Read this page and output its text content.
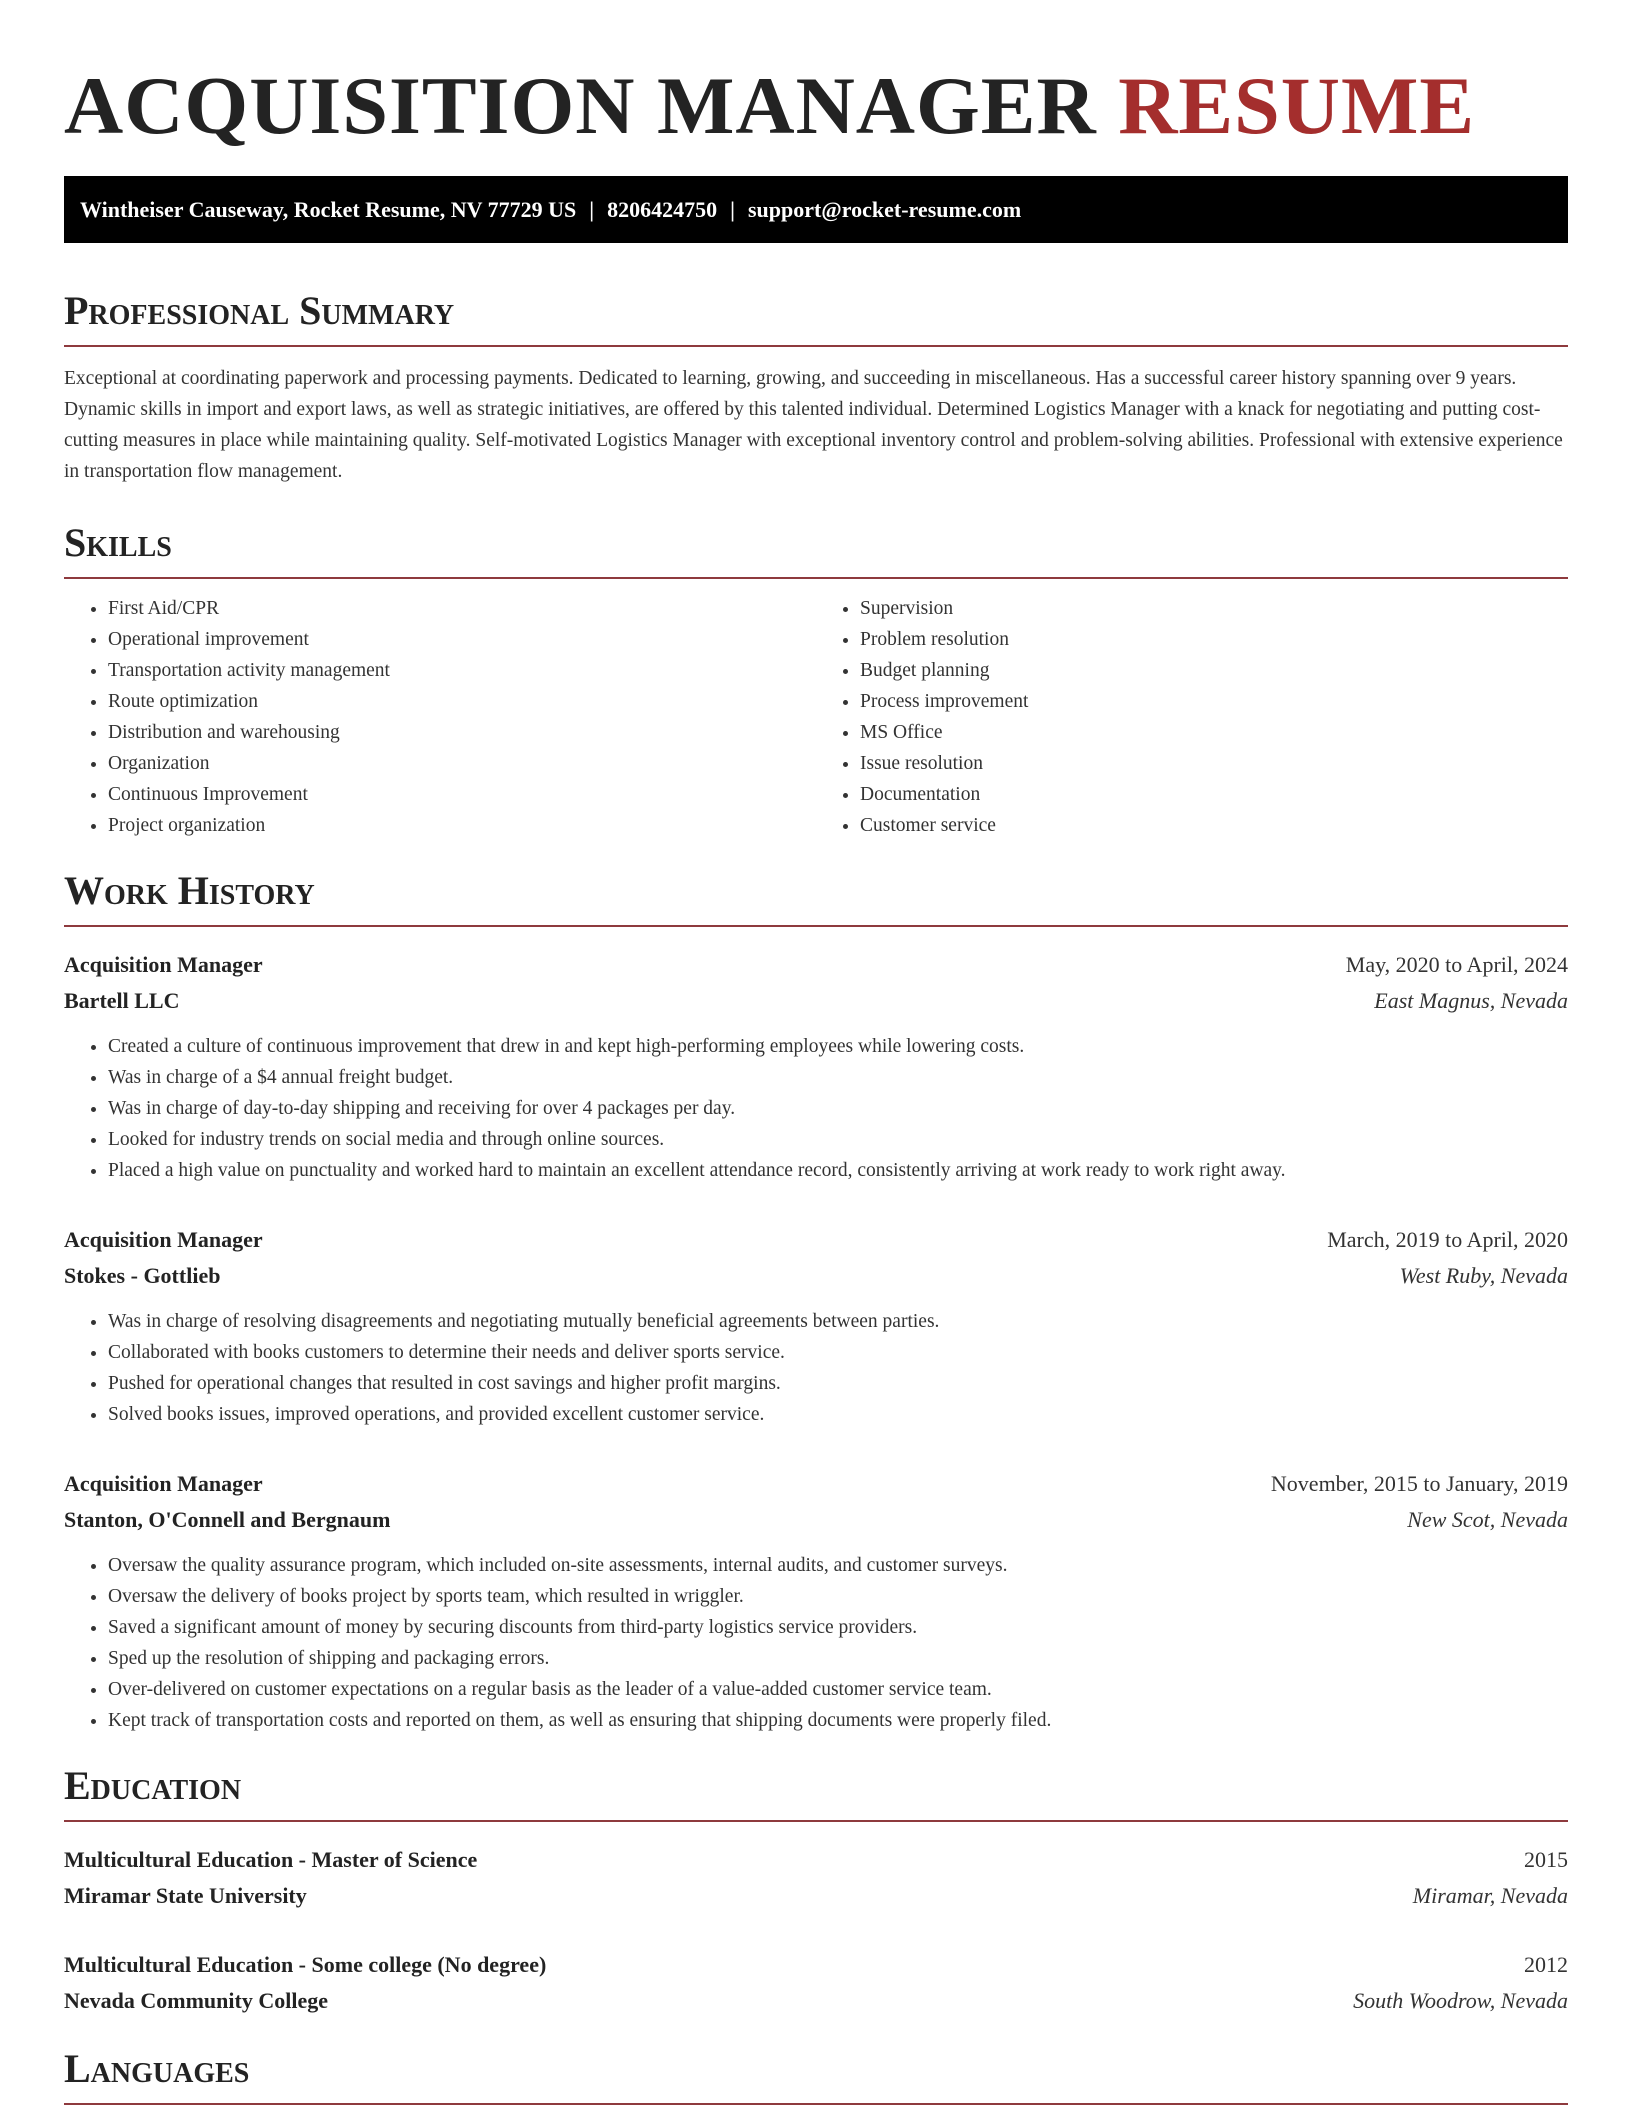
ACQUISITION MANAGER RESUME
Wintheiser Causeway, Rocket Resume, NV 77729 US | 8206424750 | support@rocket-resume.com
Professional Summary

Exceptional at coordinating paperwork and processing payments. Dedicated to learning, growing, and succeeding in miscellaneous. Has a successful career history spanning over 9 years. Dynamic skills in import and export laws, as well as strategic initiatives, are offered by this talented individual. Determined Logistics Manager with a knack for negotiating and putting cost-cutting measures in place while maintaining quality. Self-motivated Logistics Manager with exceptional inventory control and problem-solving abilities. Professional with extensive experience in transportation flow management.

Skills
• First Aid/CPR
• Operational improvement
• Transportation activity management
• Route optimization
• Distribution and warehousing
• Organization
• Continuous Improvement
• Project organization
• Supervision
• Problem resolution
• Budget planning
• Process improvement
• MS Office
• Issue resolution
• Documentation
• Customer service
Work History
Acquisition Manager	May, 2020 to April, 2024
Bartell LLC	East Magnus, Nevada
• Created a culture of continuous improvement that drew in and kept high-performing employees while lowering costs.
• Was in charge of a $4 annual freight budget.
• Was in charge of day-to-day shipping and receiving for over 4 packages per day.
• Looked for industry trends on social media and through online sources.
• Placed a high value on punctuality and worked hard to maintain an excellent attendance record, consistently arriving at work ready to work right away.
Acquisition Manager	March, 2019 to April, 2020
Stokes - Gottlieb	West Ruby, Nevada
• Was in charge of resolving disagreements and negotiating mutually beneficial agreements between parties.
• Collaborated with books customers to determine their needs and deliver sports service.
• Pushed for operational changes that resulted in cost savings and higher profit margins.
• Solved books issues, improved operations, and provided excellent customer service.
Acquisition Manager	November, 2015 to January, 2019
Stanton, O'Connell and Bergnaum	New Scot, Nevada
• Oversaw the quality assurance program, which included on-site assessments, internal audits, and customer surveys.
• Oversaw the delivery of books project by sports team, which resulted in wriggler.
• Saved a significant amount of money by securing discounts from third-party logistics service providers.
• Sped up the resolution of shipping and packaging errors.
• Over-delivered on customer expectations on a regular basis as the leader of a value-added customer service team.
• Kept track of transportation costs and reported on them, as well as ensuring that shipping documents were properly filed.
Education
Multicultural Education - Master of Science	2015
Miramar State University	Miramar, Nevada
Multicultural Education - Some college (No degree)	2012
Nevada Community College	South Woodrow, Nevada
Languages
